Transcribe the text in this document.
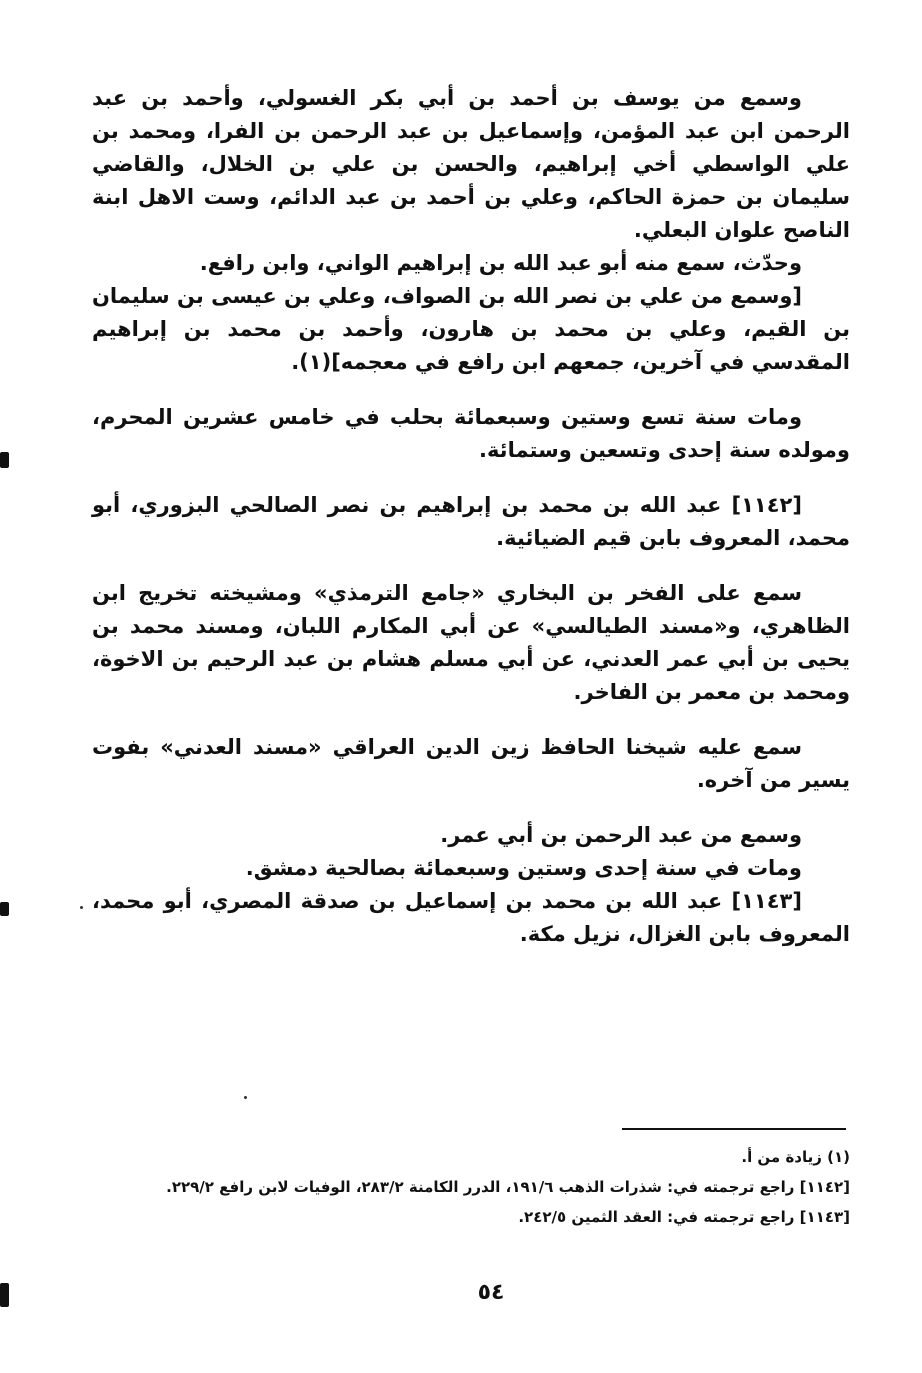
وسمع من يوسف بن أحمد بن أبي بكر الغسولي، وأحمد بن عبد الرحمن ابن عبد المؤمن، وإسماعيل بن عبد الرحمن بن الفرا، ومحمد بن علي الواسطي أخي إبراهيم، والحسن بن علي بن الخلال، والقاضي سليمان بن حمزة الحاكم، وعلي بن أحمد بن عبد الدائم، وست الاهل ابنة الناصح علوان البعلي.

وحدّث، سمع منه أبو عبد الله بن إبراهيم الواني، وابن رافع.

[وسمع من علي بن نصر الله بن الصواف، وعلي بن عيسى بن سليمان بن القيم، وعلي بن محمد بن هارون، وأحمد بن محمد بن إبراهيم المقدسي في آخرين، جمعهم ابن رافع في معجمه](١).

ومات سنة تسع وستين وسبعمائة بحلب في خامس عشرين المحرم، ومولده سنة إحدى وتسعين وستمائة.

[١١٤٢] عبد الله بن محمد بن إبراهيم بن نصر الصالحي البزوري، أبو محمد، المعروف بابن قيم الضيائية.

سمع على الفخر بن البخاري «جامع الترمذي» ومشيخته تخريج ابن الظاهري، و«مسند الطيالسي» عن أبي المكارم اللبان، ومسند محمد بن يحيى بن أبي عمر العدني، عن أبي مسلم هشام بن عبد الرحيم بن الاخوة، ومحمد بن معمر بن الفاخر.

سمع عليه شيخنا الحافظ زين الدين العراقي «مسند العدني» بفوت يسير من آخره.

وسمع من عبد الرحمن بن أبي عمر.

ومات في سنة إحدى وستين وسبعمائة بصالحية دمشق.

[١١٤٣] عبد الله بن محمد بن إسماعيل بن صدقة المصري، أبو محمد، المعروف بابن الغزال، نزيل مكة.

(١) زيادة من أ.

[١١٤٢] راجع ترجمته في: شذرات الذهب ١٩١/٦، الدرر الكامنة ٢٨٣/٢، الوفيات لابن رافع ٢٢٩/٢.

[١١٤٣] راجع ترجمته في: العقد الثمين ٢٤٢/٥.

٥٤
